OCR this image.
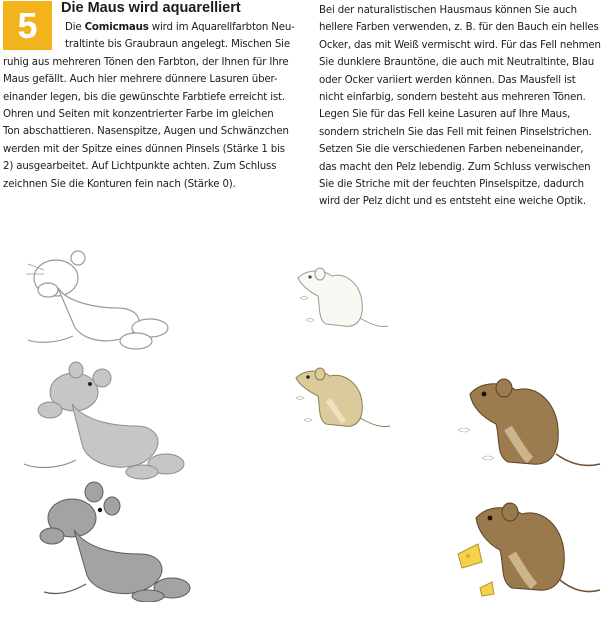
5 Die Maus wird aquarelliert
Die Comicmaus wird im Aquarellfarbton Neu-
traltinte bis Graubraun angelegt. Mischen Sie
ruhig aus mehreren Tönen den Farbton, der Ihnen für Ihre
Maus gefällt. Auch hier mehrere dünnere Lasuren über-
einander legen, bis die gewünschte Farbtiefe erreicht ist.
Ohren und Seiten mit konzentrierter Farbe im gleichen
Ton abschattieren. Nasenspitze, Augen und Schwänzchen
werden mit der Spitze eines dünnen Pinsels (Stärke 1 bis
2) ausgearbeitet. Auf Lichtpunkte achten. Zum Schluss
zeichnen Sie die Konturen fein nach (Stärke 0).
Bei der naturalistischen Hausmaus können Sie auch
hellere Farben verwenden, z. B. für den Bauch ein helles
Ocker, das mit Weiß vermischt wird. Für das Fell nehmen
Sie dunklere Brauntöne, die auch mit Neutraltinte, Blau
oder Ocker variiert werden können. Das Mausfell ist
nicht einfarbig, sondern besteht aus mehreren Tönen.
Legen Sie für das Fell keine Lasuren auf Ihre Maus,
sondern stricheln Sie das Fell mit feinen Pinselstrichen.
Setzen Sie die verschiedenen Farben nebeneinander,
das macht den Pelz lebendig. Zum Schluss verwischen
Sie die Striche mit der feuchten Pinselspitze, dadurch
wird der Pelz dicht und es entsteht eine weiche Optik.
